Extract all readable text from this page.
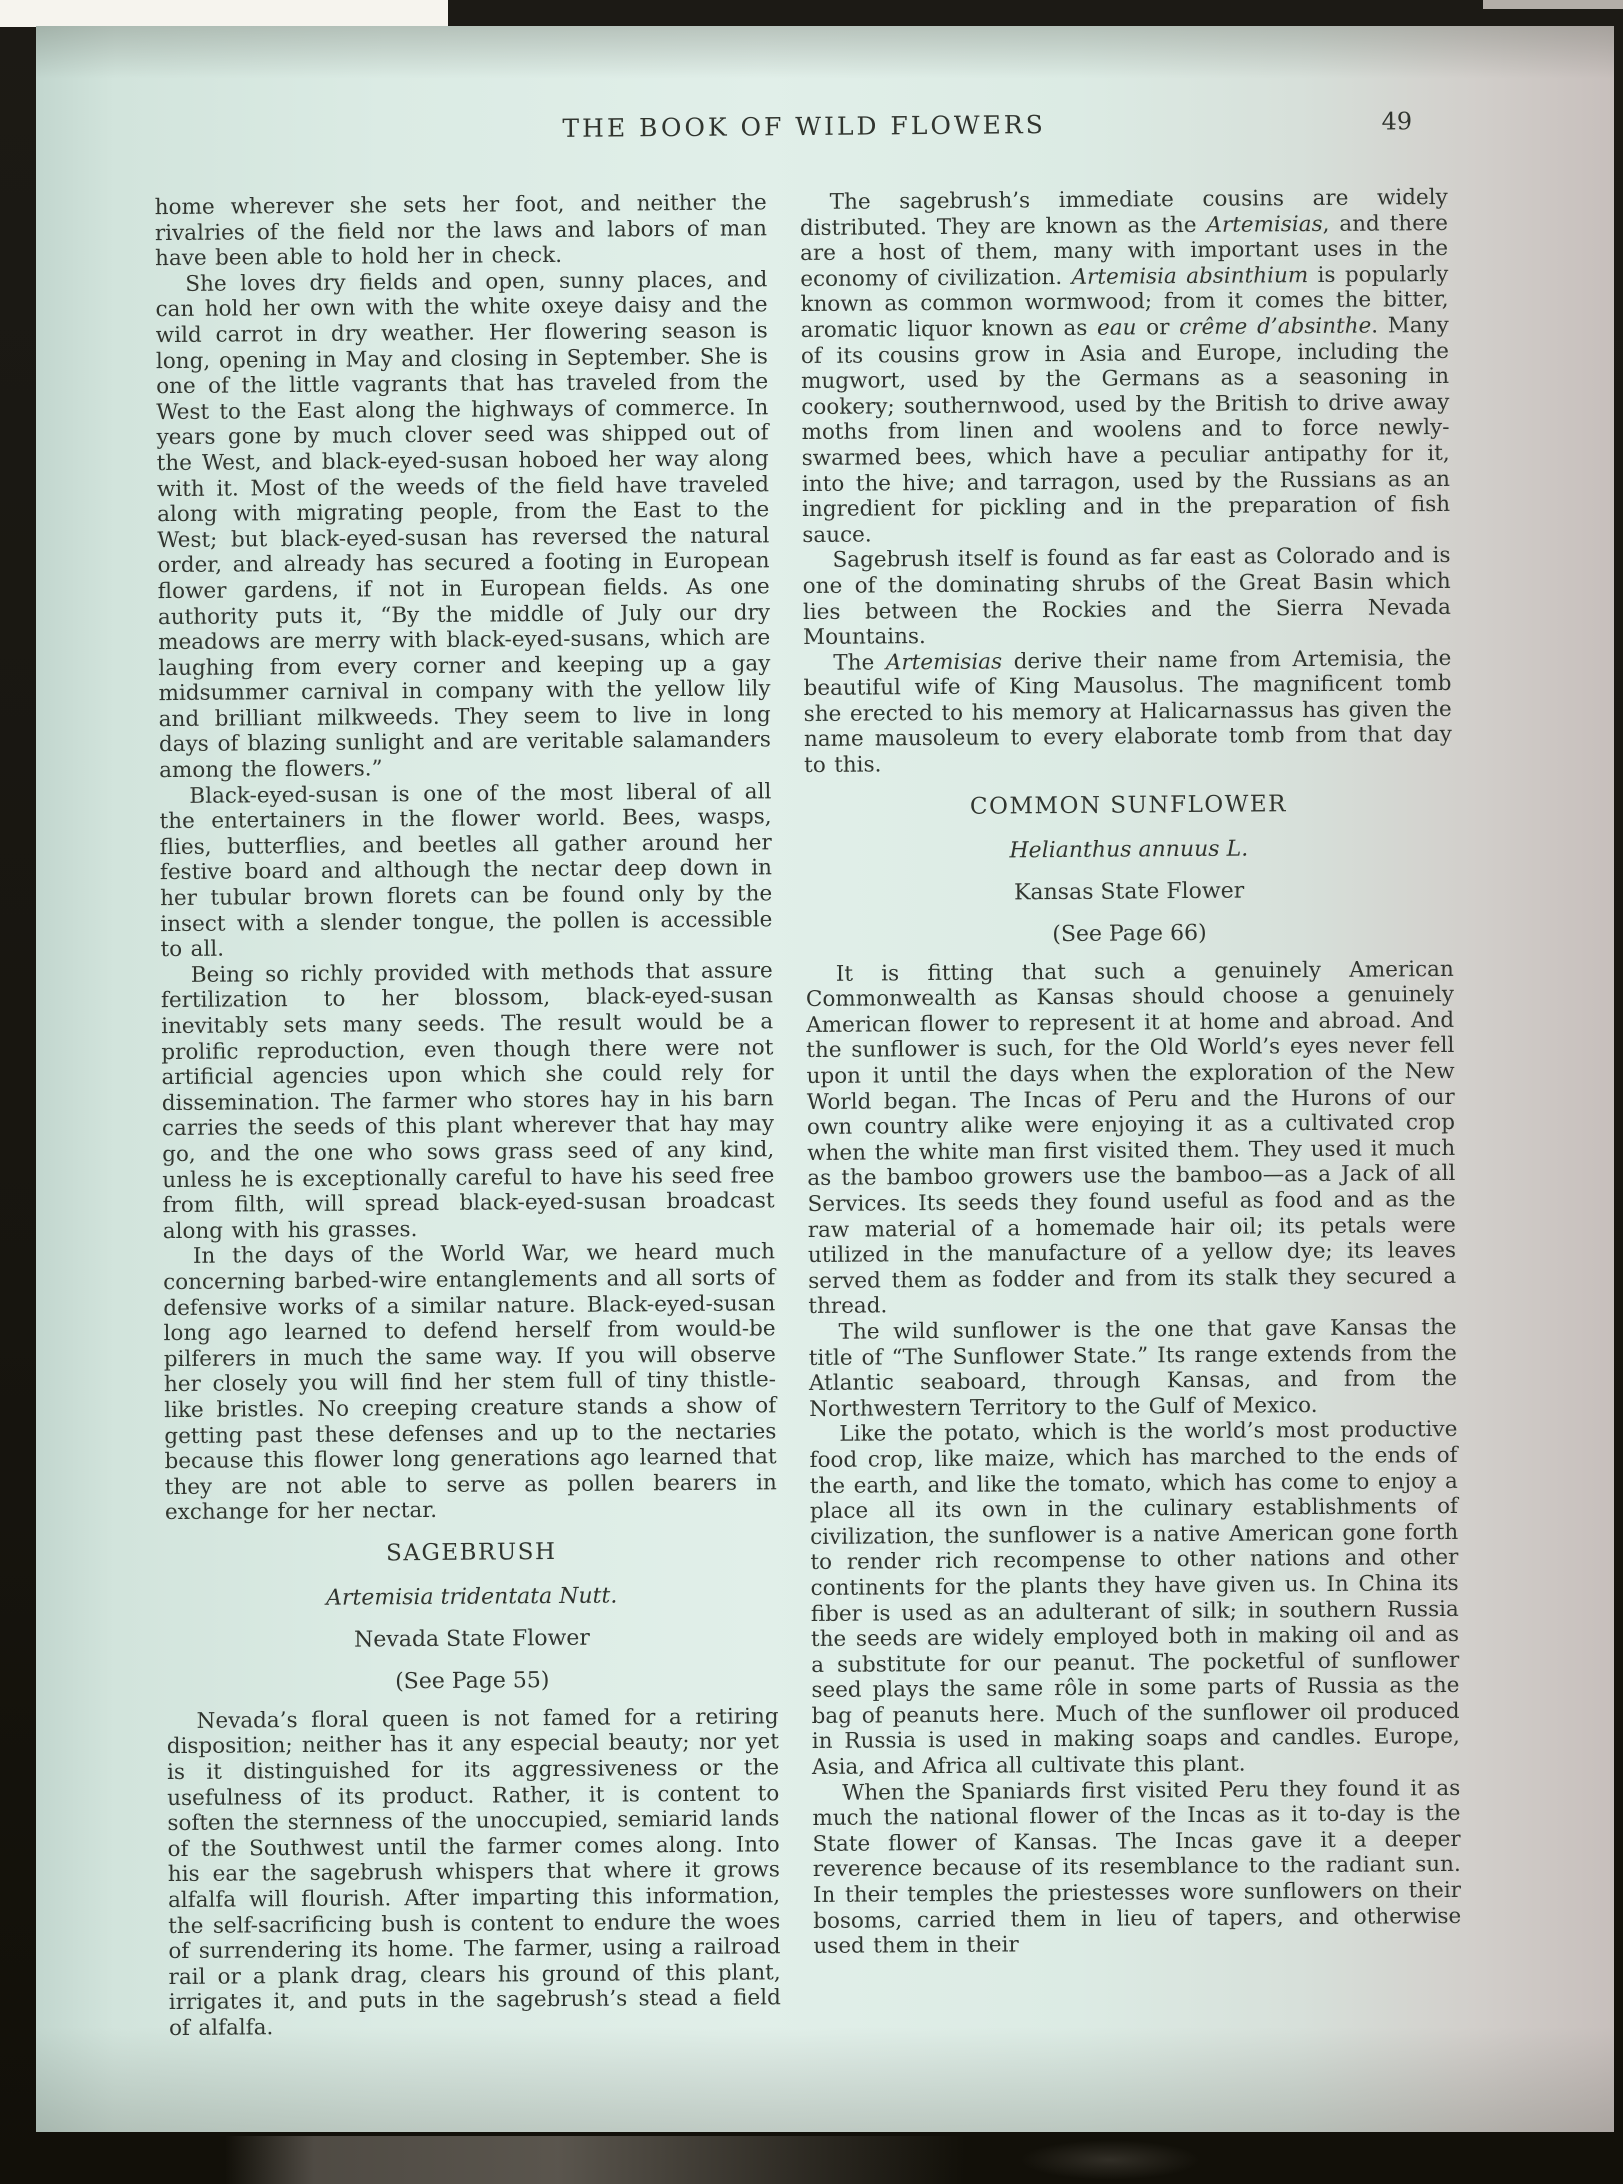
THE BOOK OF WILD FLOWERS	49

home wherever she sets her foot, and neither the rivalries of the field nor the laws and labors of man have been able to hold her in check.

She loves dry fields and open, sunny places, and can hold her own with the white oxeye daisy and the wild carrot in dry weather. Her flowering season is long, opening in May and closing in September. She is one of the little vagrants that has traveled from the West to the East along the highways of commerce. In years gone by much clover seed was shipped out of the West, and black-eyed-susan hoboed her way along with it. Most of the weeds of the field have traveled along with migrating people, from the East to the West; but black-eyed-susan has reversed the natural order, and already has secured a footing in European flower gardens, if not in European fields. As one authority puts it, “By the middle of July our dry meadows are merry with black-eyed-susans, which are laughing from every corner and keeping up a gay midsummer carnival in company with the yellow lily and brilliant milkweeds. They seem to live in long days of blazing sunlight and are veritable salamanders among the flowers.”

Black-eyed-susan is one of the most liberal of all the entertainers in the flower world. Bees, wasps, flies, butterflies, and beetles all gather around her festive board and although the nectar deep down in her tubular brown florets can be found only by the insect with a slender tongue, the pollen is accessible to all.

Being so richly provided with methods that assure fertilization to her blossom, black-eyed-susan inevitably sets many seeds. The result would be a prolific reproduction, even though there were not artificial agencies upon which she could rely for dissemination. The farmer who stores hay in his barn carries the seeds of this plant wherever that hay may go, and the one who sows grass seed of any kind, unless he is exceptionally careful to have his seed free from filth, will spread black-eyed-susan broadcast along with his grasses.

In the days of the World War, we heard much concerning barbed-wire entanglements and all sorts of defensive works of a similar nature. Black-eyed-susan long ago learned to defend herself from would-be pilferers in much the same way. If you will observe her closely you will find her stem full of tiny thistle-like bristles. No creeping creature stands a show of getting past these defenses and up to the nectaries because this flower long generations ago learned that they are not able to serve as pollen bearers in exchange for her nectar.

SAGEBRUSH
Artemisia tridentata Nutt.
Nevada State Flower
(See Page 55)

Nevada’s floral queen is not famed for a retiring disposition; neither has it any especial beauty; nor yet is it distinguished for its aggressiveness or the usefulness of its product. Rather, it is content to soften the sternness of the unoccupied, semiarid lands of the Southwest until the farmer comes along. Into his ear the sagebrush whispers that where it grows alfalfa will flourish. After imparting this information, the self-sacrificing bush is content to endure the woes of surrendering its home. The farmer, using a railroad rail or a plank drag, clears his ground of this plant, irrigates it, and puts in the sagebrush’s stead a field of alfalfa.

The sagebrush’s immediate cousins are widely distributed. They are known as the Artemisias, and there are a host of them, many with important uses in the economy of civilization. Artemisia absinthium is popularly known as common wormwood; from it comes the bitter, aromatic liquor known as eau or crême d’absinthe. Many of its cousins grow in Asia and Europe, including the mugwort, used by the Germans as a seasoning in cookery; southernwood, used by the British to drive away moths from linen and woolens and to force newly-swarmed bees, which have a peculiar antipathy for it, into the hive; and tarragon, used by the Russians as an ingredient for pickling and in the preparation of fish sauce.

Sagebrush itself is found as far east as Colorado and is one of the dominating shrubs of the Great Basin which lies between the Rockies and the Sierra Nevada Mountains.

The Artemisias derive their name from Artemisia, the beautiful wife of King Mausolus. The magnificent tomb she erected to his memory at Halicarnassus has given the name mausoleum to every elaborate tomb from that day to this.

COMMON SUNFLOWER
Helianthus annuus L.
Kansas State Flower
(See Page 66)

It is fitting that such a genuinely American Commonwealth as Kansas should choose a genuinely American flower to represent it at home and abroad. And the sunflower is such, for the Old World’s eyes never fell upon it until the days when the exploration of the New World began. The Incas of Peru and the Hurons of our own country alike were enjoying it as a cultivated crop when the white man first visited them. They used it much as the bamboo growers use the bamboo—as a Jack of all Services. Its seeds they found useful as food and as the raw material of a homemade hair oil; its petals were utilized in the manufacture of a yellow dye; its leaves served them as fodder and from its stalk they secured a thread.

The wild sunflower is the one that gave Kansas the title of “The Sunflower State.” Its range extends from the Atlantic seaboard, through Kansas, and from the Northwestern Territory to the Gulf of Mexico.

Like the potato, which is the world’s most productive food crop, like maize, which has marched to the ends of the earth, and like the tomato, which has come to enjoy a place all its own in the culinary establishments of civilization, the sunflower is a native American gone forth to render rich recompense to other nations and other continents for the plants they have given us. In China its fiber is used as an adulterant of silk; in southern Russia the seeds are widely employed both in making oil and as a substitute for our peanut. The pocketful of sunflower seed plays the same rôle in some parts of Russia as the bag of peanuts here. Much of the sunflower oil produced in Russia is used in making soaps and candles. Europe, Asia, and Africa all cultivate this plant.

When the Spaniards first visited Peru they found it as much the national flower of the Incas as it to-day is the State flower of Kansas. The Incas gave it a deeper reverence because of its resemblance to the radiant sun. In their temples the priestesses wore sunflowers on their bosoms, carried them in lieu of tapers, and otherwise used them in their
